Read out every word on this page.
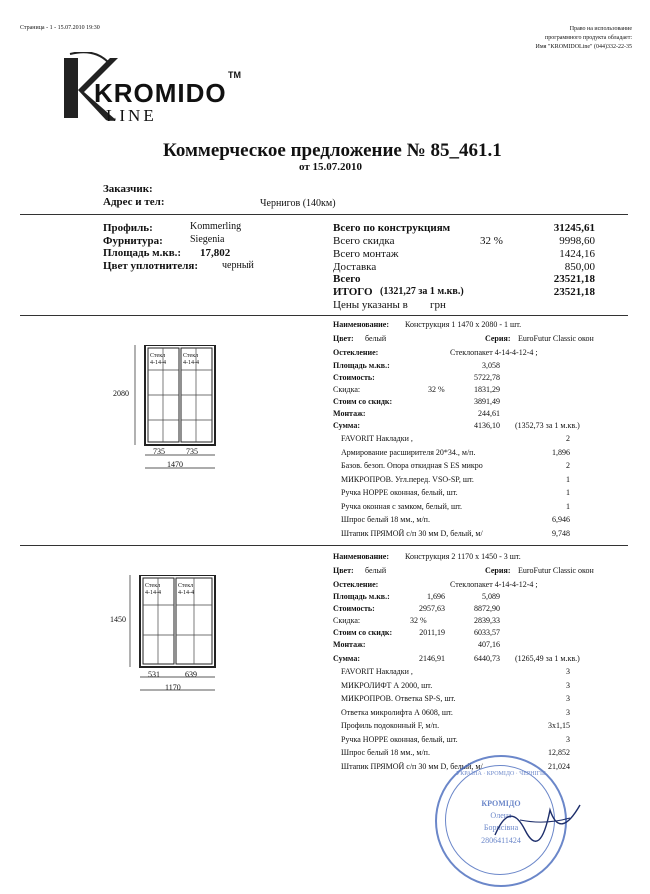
Страница - 1 - 15.07.2010 19:30	Право на использование
программного продукта обладает:
Имя "KROMIDOLine" (044)332-22-35
KROMIDO
TM
LINE
Коммерческое предложение № 85_461.1
от 15.07.2010
Заказчик:
Адрес и тел:	Чернигов (140км)
Профиль:	Kommerling
Фурнитура:	Siegenia
Площадь м.кв.: 17,802
Цвет уплотнителя: черный
Всего по конструкциям	31245,61
Всего скидка	32 %	9998,60
Всего монтаж	1424,16
Доставка	850,00
Всего	23521,18
ИТОГО (1321,27 за 1 м.кв.)	23521,18
Цены указаны в грн
Стекл
4-14-4
Стекл
4-14-4
2080
735	735
1470
Наименование: Конструкция 1 1470 x 2080 - 1 шт.
Цвет: белый	Серия: EuroFutur Classic окон
Остекление:	Стеклопакет 4-14-4-12-4 ;
Площадь м.кв.:	3,058
Стоимость:	5722,78
Скидка:	32 %	1831,29
Стоим со скидк:	3891,49
Монтаж:	244,61
Сумма:	4136,10 (1352,73 за 1 м.кв.)
FAVORIT Накладки ,	2
Армирование расширителя 20*34., м/п.	1,896
Базов. безоп. Опора откидная S ES микро	2
МИКРОПРОВ. Угл.перед. VSO-SP, шт.	1
Ручка HOPPE оконная, белый, шт.	1
Ручка оконная с замком, белый, шт.	1
Шпрос белый 18 мм., м/п.	6,946
Штапик ПРЯМОЙ с/п 30 мм D, белый, м/	9,748
Стекл
4-14-4
Стекл
4-14-4
1450
531	639
1170
Наименование: Конструкция 2 1170 x 1450 - 3 шт.
Цвет: белый	Серия: EuroFutur Classic окон
Остекление:	Стеклопакет 4-14-4-12-4 ;
Площадь м.кв.:	1,696	5,089
Стоимость:	2957,63	8872,90
Скидка:	32 %	2839,33
Стоим со скидк:	2011,19	6033,57
Монтаж:	407,16
Сумма:	2146,91	6440,73 (1265,49 за 1 м.кв.)
FAVORIT Накладки ,	3
МИКРОЛИФТ А 2000, шт.	3
МИКРОПРОВ. Ответка SP-S, шт.	3
Ответка микролифта А 0608, шт.	3
Профиль подоконный F, м/п.	3x1,15
Ручка HOPPE оконная, белый, шт.	3
Шпрос белый 18 мм., м/п.	12,852
Штапик ПРЯМОЙ с/п 30 мм D, белый, м/	21,024
УКРАЇНА · КРОМІДО · ЧЕРНІГІВ
КРОМІДО
Олена
Борисівна
2806411424
